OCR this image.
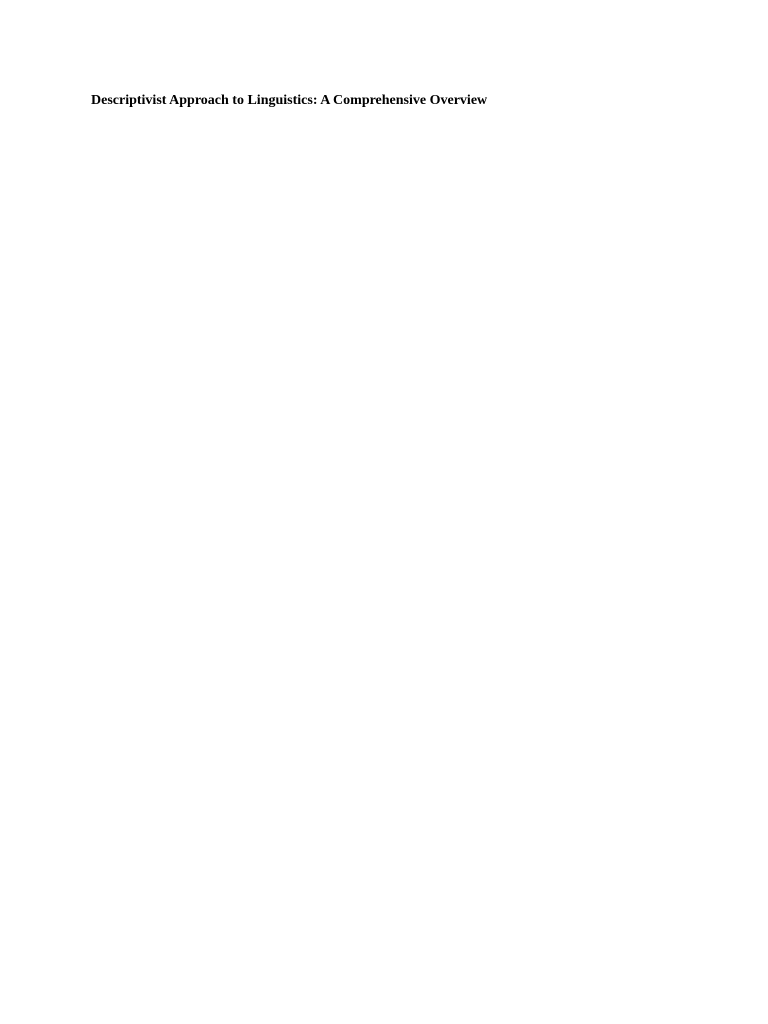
Descriptivist Approach to Linguistics: A Comprehensive Overview
